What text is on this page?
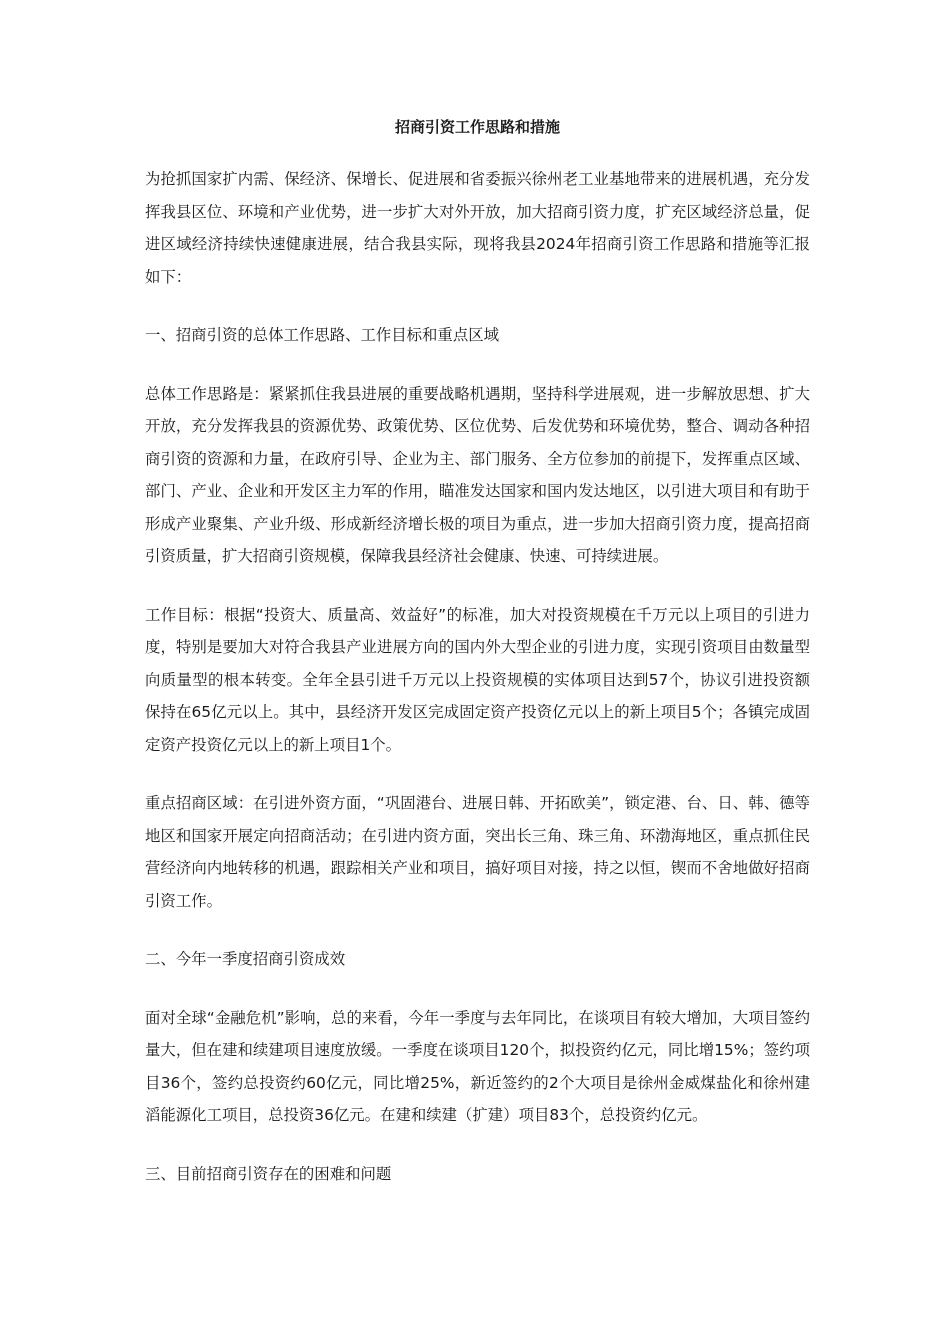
招商引资工作思路和措施

为抢抓国家扩内需、保经济、保增长、促进展和省委振兴徐州老工业基地带来的进展机遇，充分发挥我县区位、环境和产业优势，进一步扩大对外开放，加大招商引资力度，扩充区域经济总量，促进区域经济持续快速健康进展，结合我县实际，现将我县2024年招商引资工作思路和措施等汇报如下：

一、招商引资的总体工作思路、工作目标和重点区域

总体工作思路是：紧紧抓住我县进展的重要战略机遇期，坚持科学进展观，进一步解放思想、扩大开放，充分发挥我县的资源优势、政策优势、区位优势、后发优势和环境优势，整合、调动各种招商引资的资源和力量，在政府引导、企业为主、部门服务、全方位参加的前提下，发挥重点区域、部门、产业、企业和开发区主力军的作用，瞄准发达国家和国内发达地区，以引进大项目和有助于形成产业聚集、产业升级、形成新经济增长极的项目为重点，进一步加大招商引资力度，提高招商引资质量，扩大招商引资规模，保障我县经济社会健康、快速、可持续进展。

工作目标：根据“投资大、质量高、效益好”的标准，加大对投资规模在千万元以上项目的引进力度，特别是要加大对符合我县产业进展方向的国内外大型企业的引进力度，实现引资项目由数量型向质量型的根本转变。全年全县引进千万元以上投资规模的实体项目达到57个，协议引进投资额保持在65亿元以上。其中，县经济开发区完成固定资产投资亿元以上的新上项目5个；各镇完成固定资产投资亿元以上的新上项目1个。

重点招商区域：在引进外资方面，“巩固港台、进展日韩、开拓欧美”，锁定港、台、日、韩、德等地区和国家开展定向招商活动；在引进内资方面，突出长三角、珠三角、环渤海地区，重点抓住民营经济向内地转移的机遇，跟踪相关产业和项目，搞好项目对接，持之以恒，锲而不舍地做好招商引资工作。

二、今年一季度招商引资成效

面对全球“金融危机”影响，总的来看，今年一季度与去年同比，在谈项目有较大增加，大项目签约量大，但在建和续建项目速度放缓。一季度在谈项目120个，拟投资约亿元，同比增15%；签约项目36个，签约总投资约60亿元，同比增25%，新近签约的2个大项目是徐州金威煤盐化和徐州建滔能源化工项目，总投资36亿元。在建和续建（扩建）项目83个，总投资约亿元。

三、目前招商引资存在的困难和问题
